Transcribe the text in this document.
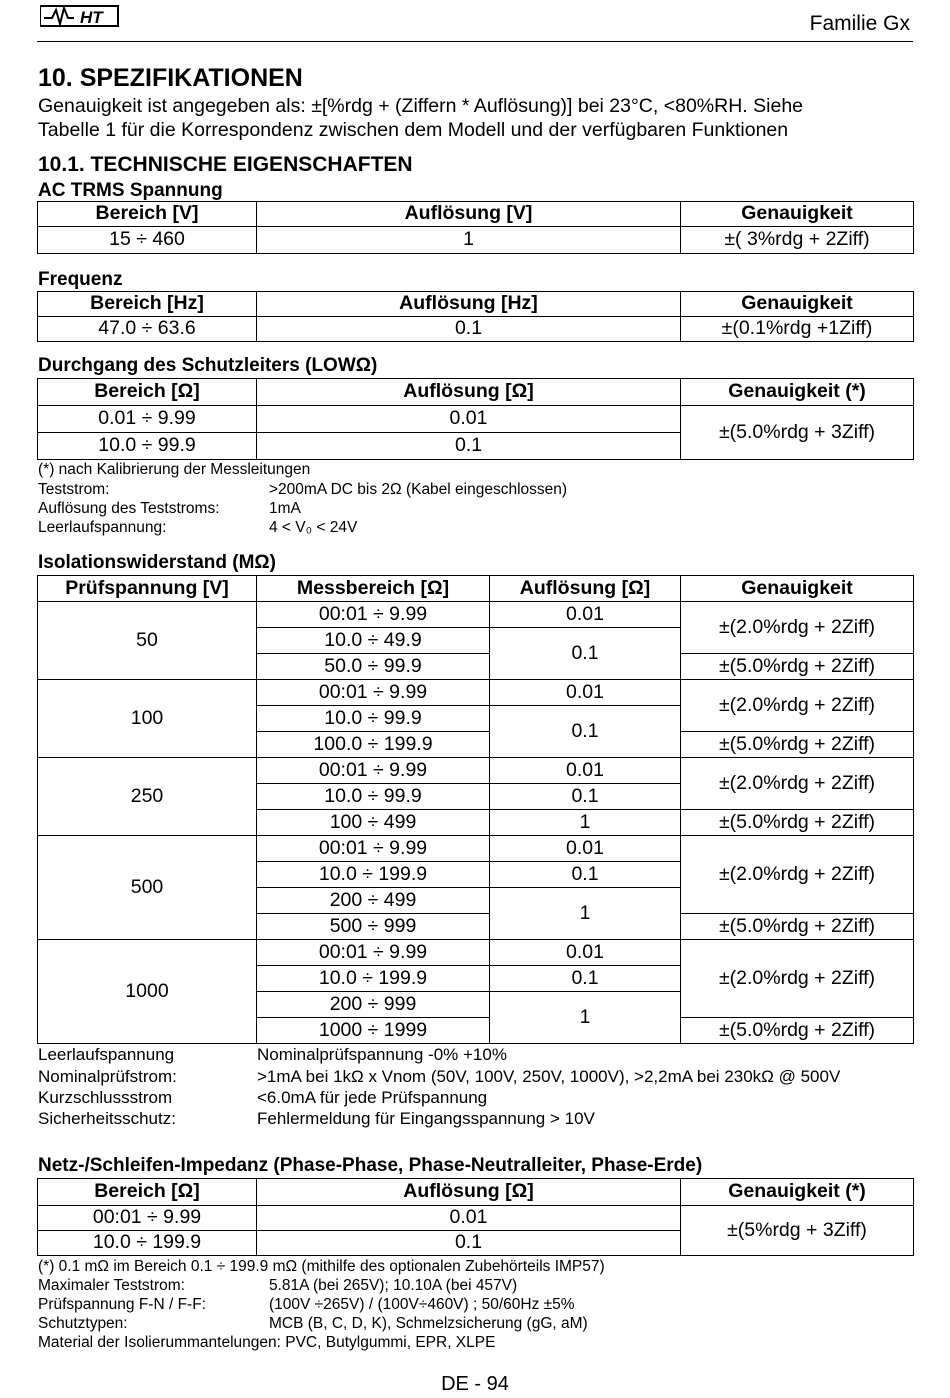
HT	Familie Gx
10. SPEZIFIKATIONEN
Genauigkeit ist angegeben als: ±[%rdg + (Ziffern * Auflösung)] bei 23°C, <80%RH. Siehe
Tabelle 1 für die Korrespondenz zwischen dem Modell und der verfügbaren Funktionen
10.1. TECHNISCHE EIGENSCHAFTEN
AC TRMS Spannung
Bereich [V]	Auflösung [V]	Genauigkeit
15 ÷ 460	1	±( 3%rdg + 2Ziff)
Frequenz
Bereich [Hz]	Auflösung [Hz]	Genauigkeit
47.0 ÷ 63.6	0.1	±(0.1%rdg +1Ziff)
Durchgang des Schutzleiters (LOWΩ)
Bereich [Ω]	Auflösung [Ω]	Genauigkeit (*)
0.01 ÷ 9.99	0.01	±(5.0%rdg + 3Ziff)
10.0 ÷ 99.9	0.1	
(*) nach Kalibrierung der Messleitungen
Teststrom:	>200mA DC bis 2Ω (Kabel eingeschlossen)
Auflösung des Teststroms:	1mA
Leerlaufspannung:	4 < V₀ < 24V
Isolationswiderstand (MΩ)
Prüfspannung [V]	Messbereich [Ω]	Auflösung [Ω]	Genauigkeit
50	00:01 ÷ 9.99	0.01	±(2.0%rdg + 2Ziff)
	10.0 ÷ 49.9	0.1	
	50.0 ÷ 99.9		±(5.0%rdg + 2Ziff)
100	00:01 ÷ 9.99	0.01	±(2.0%rdg + 2Ziff)
	10.0 ÷ 99.9	0.1	
	100.0 ÷ 199.9		±(5.0%rdg + 2Ziff)
250	00:01 ÷ 9.99	0.01	±(2.0%rdg + 2Ziff)
	10.0 ÷ 99.9	0.1	
	100 ÷ 499	1	±(5.0%rdg + 2Ziff)
500	00:01 ÷ 9.99	0.01	±(2.0%rdg + 2Ziff)
	10.0 ÷ 199.9	0.1	
	200 ÷ 499	1	
	500 ÷ 999		±(5.0%rdg + 2Ziff)
1000	00:01 ÷ 9.99	0.01	±(2.0%rdg + 2Ziff)
	10.0 ÷ 199.9	0.1	
	200 ÷ 999	1	
	1000 ÷ 1999		±(5.0%rdg + 2Ziff)
Leerlaufspannung	Nominalprüfspannung -0% +10%
Nominalprüfstrom:	>1mA bei 1kΩ x Vnom (50V, 100V, 250V, 1000V), >2,2mA bei 230kΩ @ 500V
Kurzschlussstrom	<6.0mA für jede Prüfspannung
Sicherheitsschutz:	Fehlermeldung für Eingangsspannung > 10V
Netz-/Schleifen-Impedanz (Phase-Phase, Phase-Neutralleiter, Phase-Erde)
Bereich [Ω]	Auflösung [Ω]	Genauigkeit (*)
00:01 ÷ 9.99	0.01	±(5%rdg + 3Ziff)
10.0 ÷ 199.9	0.1	
(*) 0.1 mΩ im Bereich 0.1 ÷ 199.9 mΩ (mithilfe des optionalen Zubehörteils IMP57)
Maximaler Teststrom:	5.81A (bei 265V); 10.10A (bei 457V)
Prüfspannung F-N / F-F:	(100V ÷265V) / (100V÷460V) ; 50/60Hz ±5%
Schutztypen:	MCB (B, C, D, K), Schmelzsicherung (gG, aM)
Material der Isolierummantelungen: PVC, Butylgummi, EPR, XLPE
DE - 94
